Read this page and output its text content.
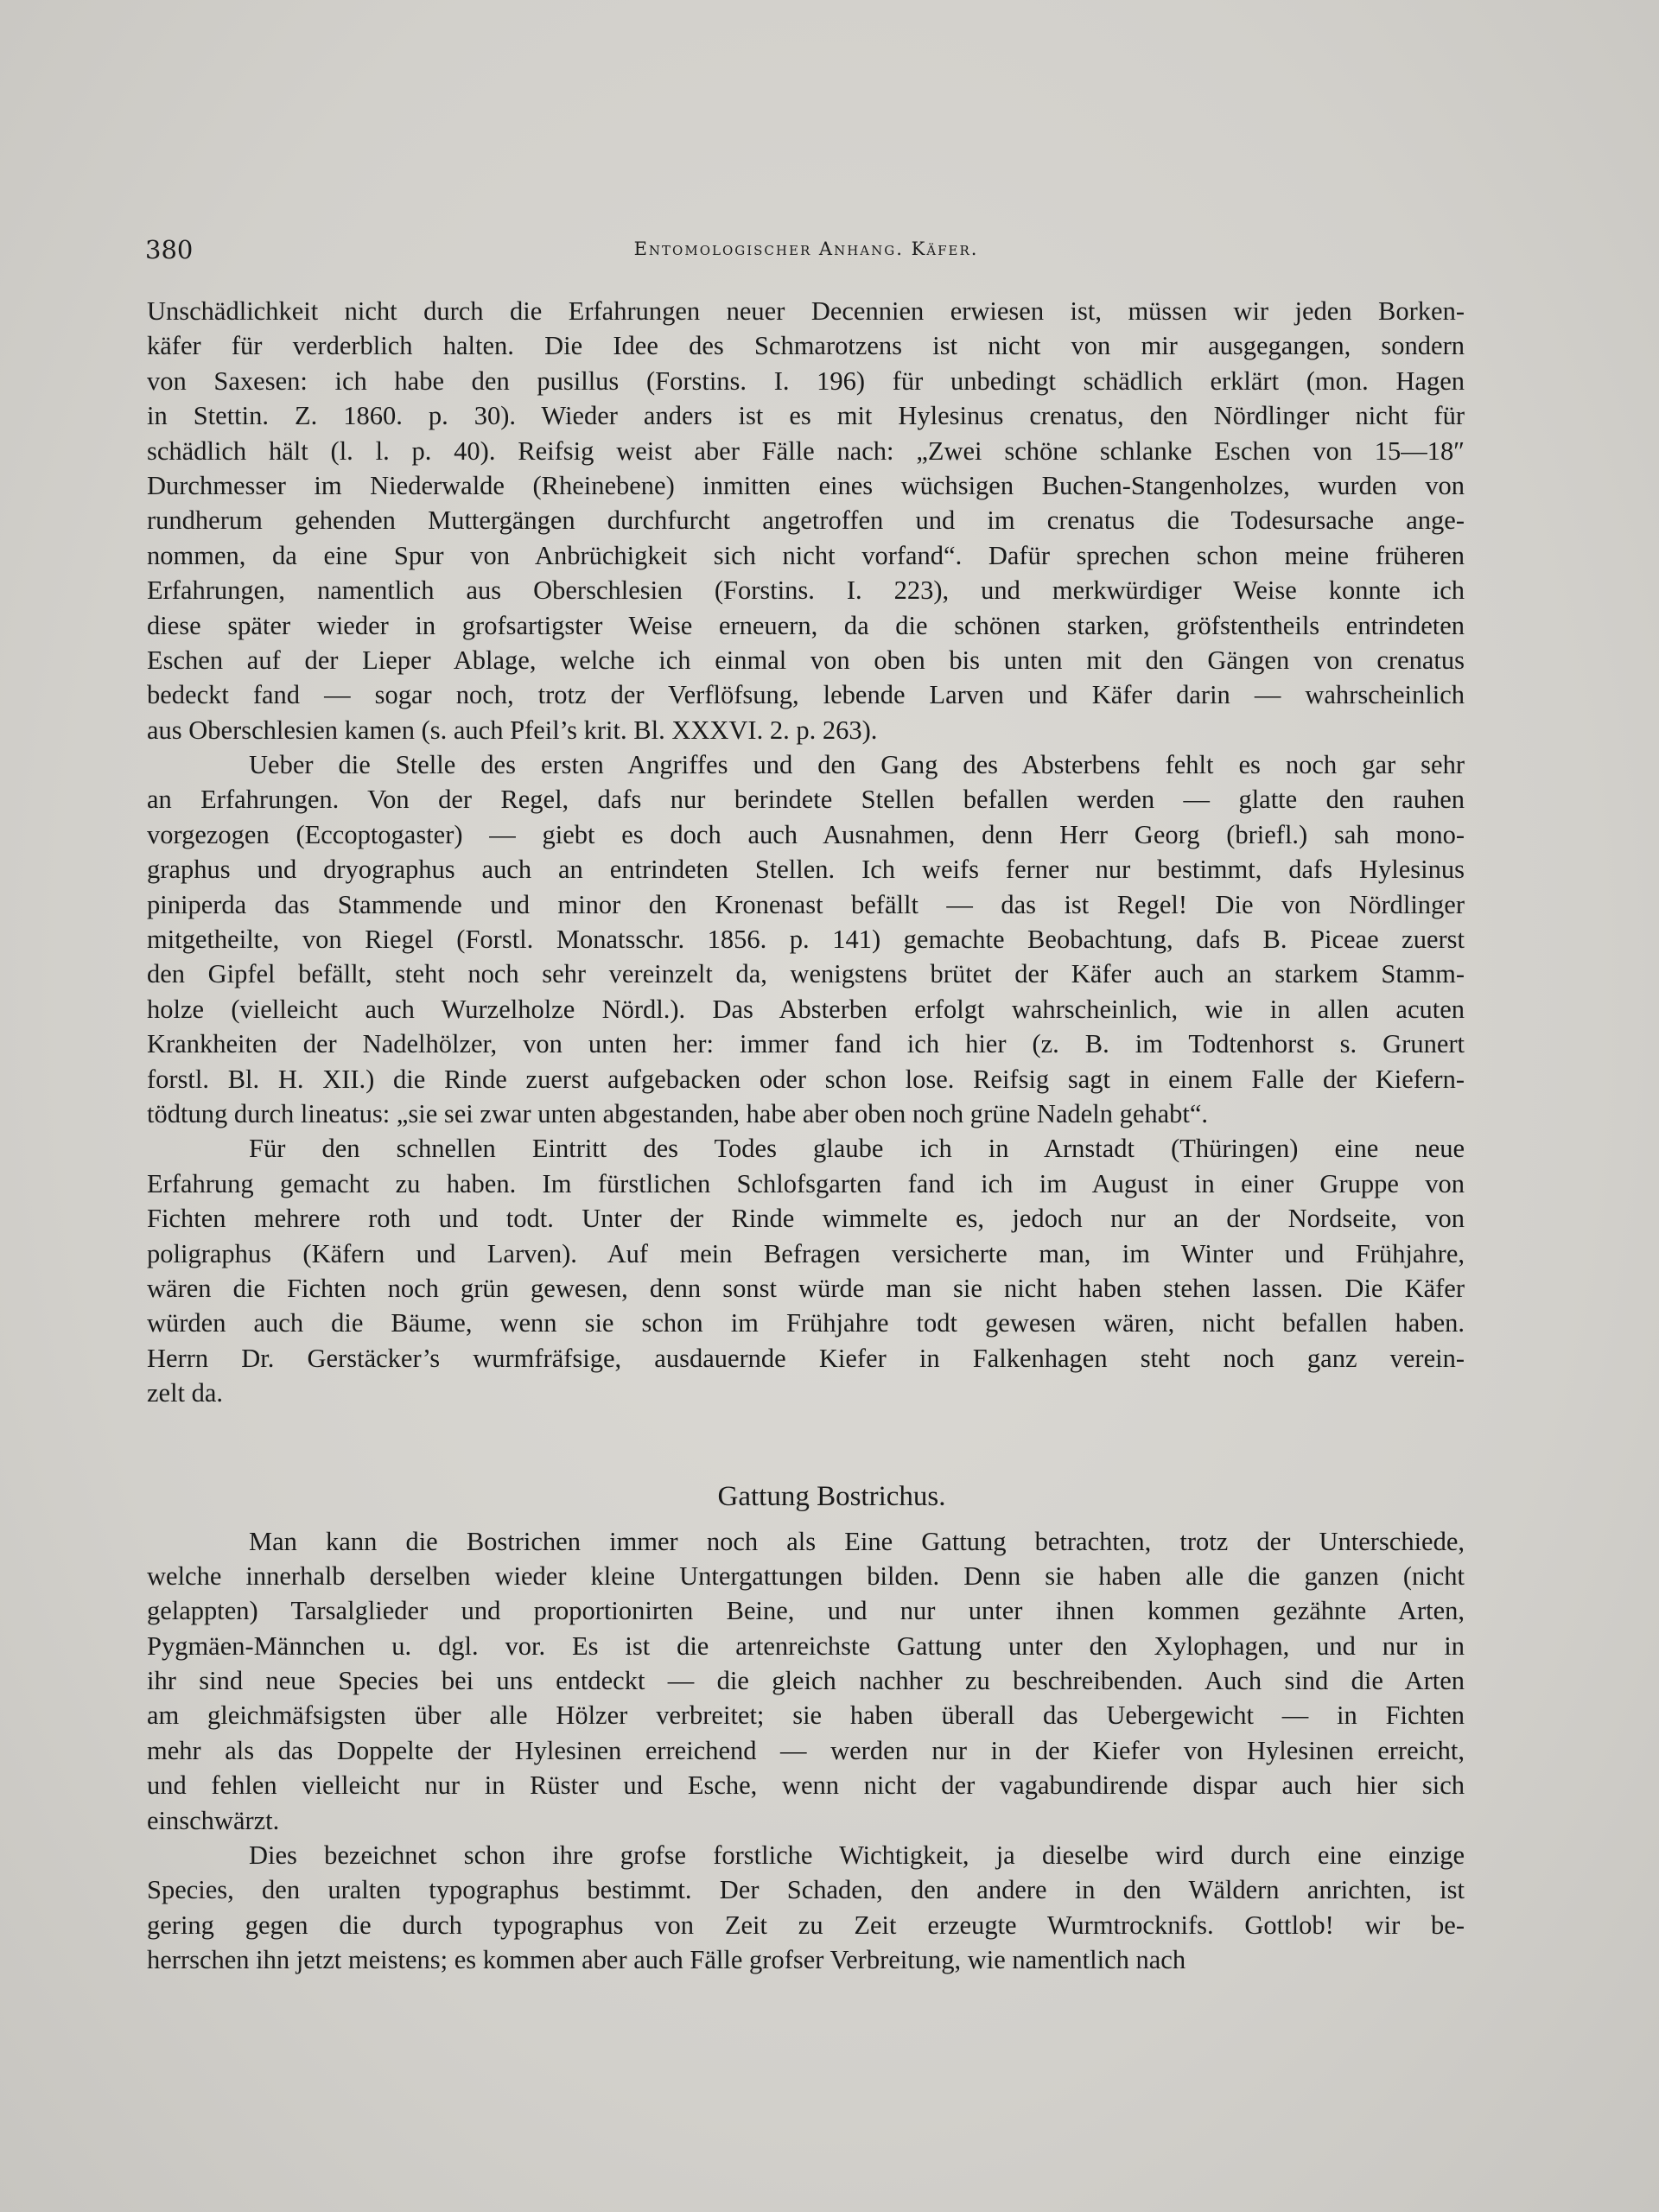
380	Entomologischer Anhang. Käfer.
Unschädlichkeit nicht durch die Erfahrungen neuer Decennien erwiesen ist, müssen wir jeden Borken-
käfer für verderblich halten. Die Idee des Schmarotzens ist nicht von mir ausgegangen, sondern
von Saxesen: ich habe den pusillus (Forstins. I. 196) für unbedingt schädlich erklärt (mon. Hagen
in Stettin. Z. 1860. p. 30). Wieder anders ist es mit Hylesinus crenatus, den Nördlinger nicht für
schädlich hält (l. l. p. 40). Reifsig weist aber Fälle nach: „Zwei schöne schlanke Eschen von 15—18″
Durchmesser im Niederwalde (Rheinebene) inmitten eines wüchsigen Buchen-Stangenholzes, wurden von
rundherum gehenden Muttergängen durchfurcht angetroffen und im crenatus die Todesursache ange-
nommen, da eine Spur von Anbrüchigkeit sich nicht vorfand“. Dafür sprechen schon meine früheren
Erfahrungen, namentlich aus Oberschlesien (Forstins. I. 223), und merkwürdiger Weise konnte ich
diese später wieder in grofsartigster Weise erneuern, da die schönen starken, gröfstentheils entrindeten
Eschen auf der Lieper Ablage, welche ich einmal von oben bis unten mit den Gängen von crenatus
bedeckt fand — sogar noch, trotz der Verflöfsung, lebende Larven und Käfer darin — wahrscheinlich
aus Oberschlesien kamen (s. auch Pfeil’s krit. Bl. XXXVI. 2. p. 263).
Ueber die Stelle des ersten Angriffes und den Gang des Absterbens fehlt es noch gar sehr
an Erfahrungen. Von der Regel, dafs nur berindete Stellen befallen werden — glatte den rauhen
vorgezogen (Eccoptogaster) — giebt es doch auch Ausnahmen, denn Herr Georg (briefl.) sah mono-
graphus und dryographus auch an entrindeten Stellen. Ich weifs ferner nur bestimmt, dafs Hylesinus
piniperda das Stammende und minor den Kronenast befällt — das ist Regel! Die von Nördlinger
mitgetheilte, von Riegel (Forstl. Monatsschr. 1856. p. 141) gemachte Beobachtung, dafs B. Piceae zuerst
den Gipfel befällt, steht noch sehr vereinzelt da, wenigstens brütet der Käfer auch an starkem Stamm-
holze (vielleicht auch Wurzelholze Nördl.). Das Absterben erfolgt wahrscheinlich, wie in allen acuten
Krankheiten der Nadelhölzer, von unten her: immer fand ich hier (z. B. im Todtenhorst s. Grunert
forstl. Bl. H. XII.) die Rinde zuerst aufgebacken oder schon lose. Reifsig sagt in einem Falle der Kiefern-
tödtung durch lineatus: „sie sei zwar unten abgestanden, habe aber oben noch grüne Nadeln gehabt“.
Für den schnellen Eintritt des Todes glaube ich in Arnstadt (Thüringen) eine neue
Erfahrung gemacht zu haben. Im fürstlichen Schlofsgarten fand ich im August in einer Gruppe von
Fichten mehrere roth und todt. Unter der Rinde wimmelte es, jedoch nur an der Nordseite, von
poligraphus (Käfern und Larven). Auf mein Befragen versicherte man, im Winter und Frühjahre,
wären die Fichten noch grün gewesen, denn sonst würde man sie nicht haben stehen lassen. Die Käfer
würden auch die Bäume, wenn sie schon im Frühjahre todt gewesen wären, nicht befallen haben.
Herrn Dr. Gerstäcker’s wurmfräfsige, ausdauernde Kiefer in Falkenhagen steht noch ganz verein-
zelt da.
Gattung Bostrichus.
Man kann die Bostrichen immer noch als Eine Gattung betrachten, trotz der Unterschiede,
welche innerhalb derselben wieder kleine Untergattungen bilden. Denn sie haben alle die ganzen (nicht
gelappten) Tarsalglieder und proportionirten Beine, und nur unter ihnen kommen gezähnte Arten,
Pygmäen-Männchen u. dgl. vor. Es ist die artenreichste Gattung unter den Xylophagen, und nur in
ihr sind neue Species bei uns entdeckt — die gleich nachher zu beschreibenden. Auch sind die Arten
am gleichmäfsigsten über alle Hölzer verbreitet; sie haben überall das Uebergewicht — in Fichten
mehr als das Doppelte der Hylesinen erreichend — werden nur in der Kiefer von Hylesinen erreicht,
und fehlen vielleicht nur in Rüster und Esche, wenn nicht der vagabundirende dispar auch hier sich
einschwärzt.
Dies bezeichnet schon ihre grofse forstliche Wichtigkeit, ja dieselbe wird durch eine einzige
Species, den uralten typographus bestimmt. Der Schaden, den andere in den Wäldern anrichten, ist
gering gegen die durch typographus von Zeit zu Zeit erzeugte Wurmtrocknifs. Gottlob! wir be-
herrschen ihn jetzt meistens; es kommen aber auch Fälle grofser Verbreitung, wie namentlich nach
